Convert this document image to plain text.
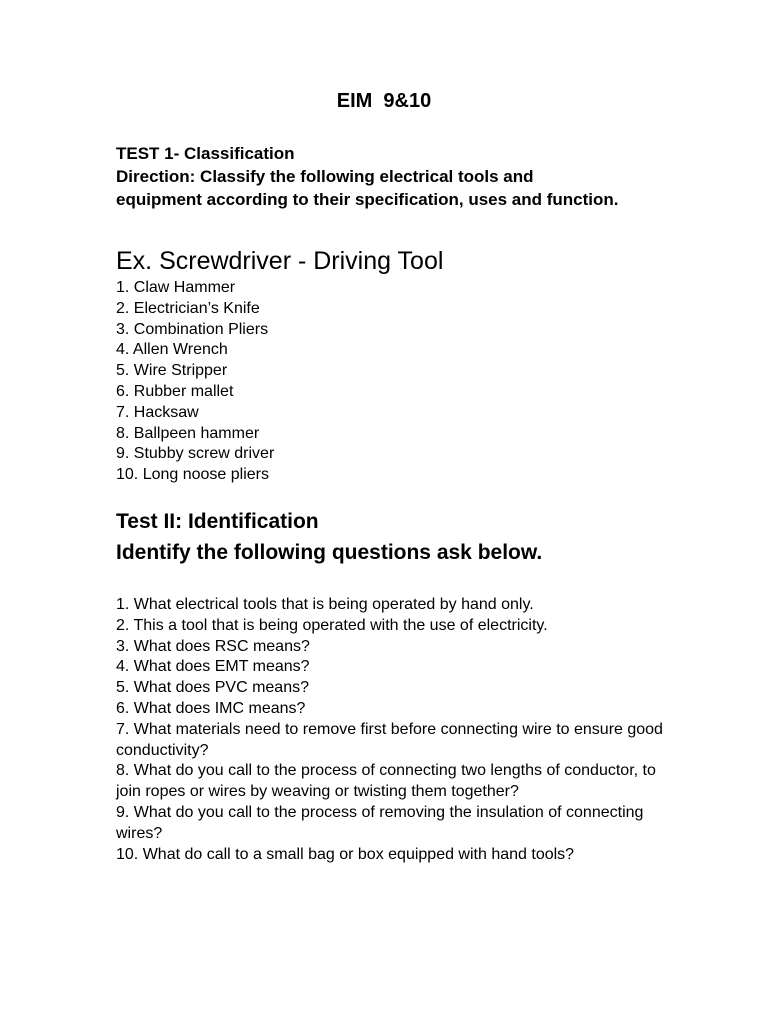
EIM  9&10
TEST 1- Classification
Direction: Classify the following electrical tools and
equipment according to their specification, uses and function.
Ex. Screwdriver - Driving Tool
1. Claw Hammer
2. Electrician’s Knife
3. Combination Pliers
4. Allen Wrench
5. Wire Stripper
6. Rubber mallet
7. Hacksaw
8. Ballpeen hammer
9. Stubby screw driver
10. Long noose pliers
Test II: Identification
Identify the following questions ask below.
1. What electrical tools that is being operated by hand only.
2. This a tool that is being operated with the use of electricity.
3. What does RSC means?
4. What does EMT means?
5. What does PVC means?
6. What does IMC means?
7. What materials need to remove first before connecting wire to ensure good conductivity?
8. What do you call to the process of connecting two lengths of conductor, to join ropes or wires by weaving or twisting them together?
9. What do you call to the process of removing the insulation of connecting wires?
10. What do call to a small bag or box equipped with hand tools?
